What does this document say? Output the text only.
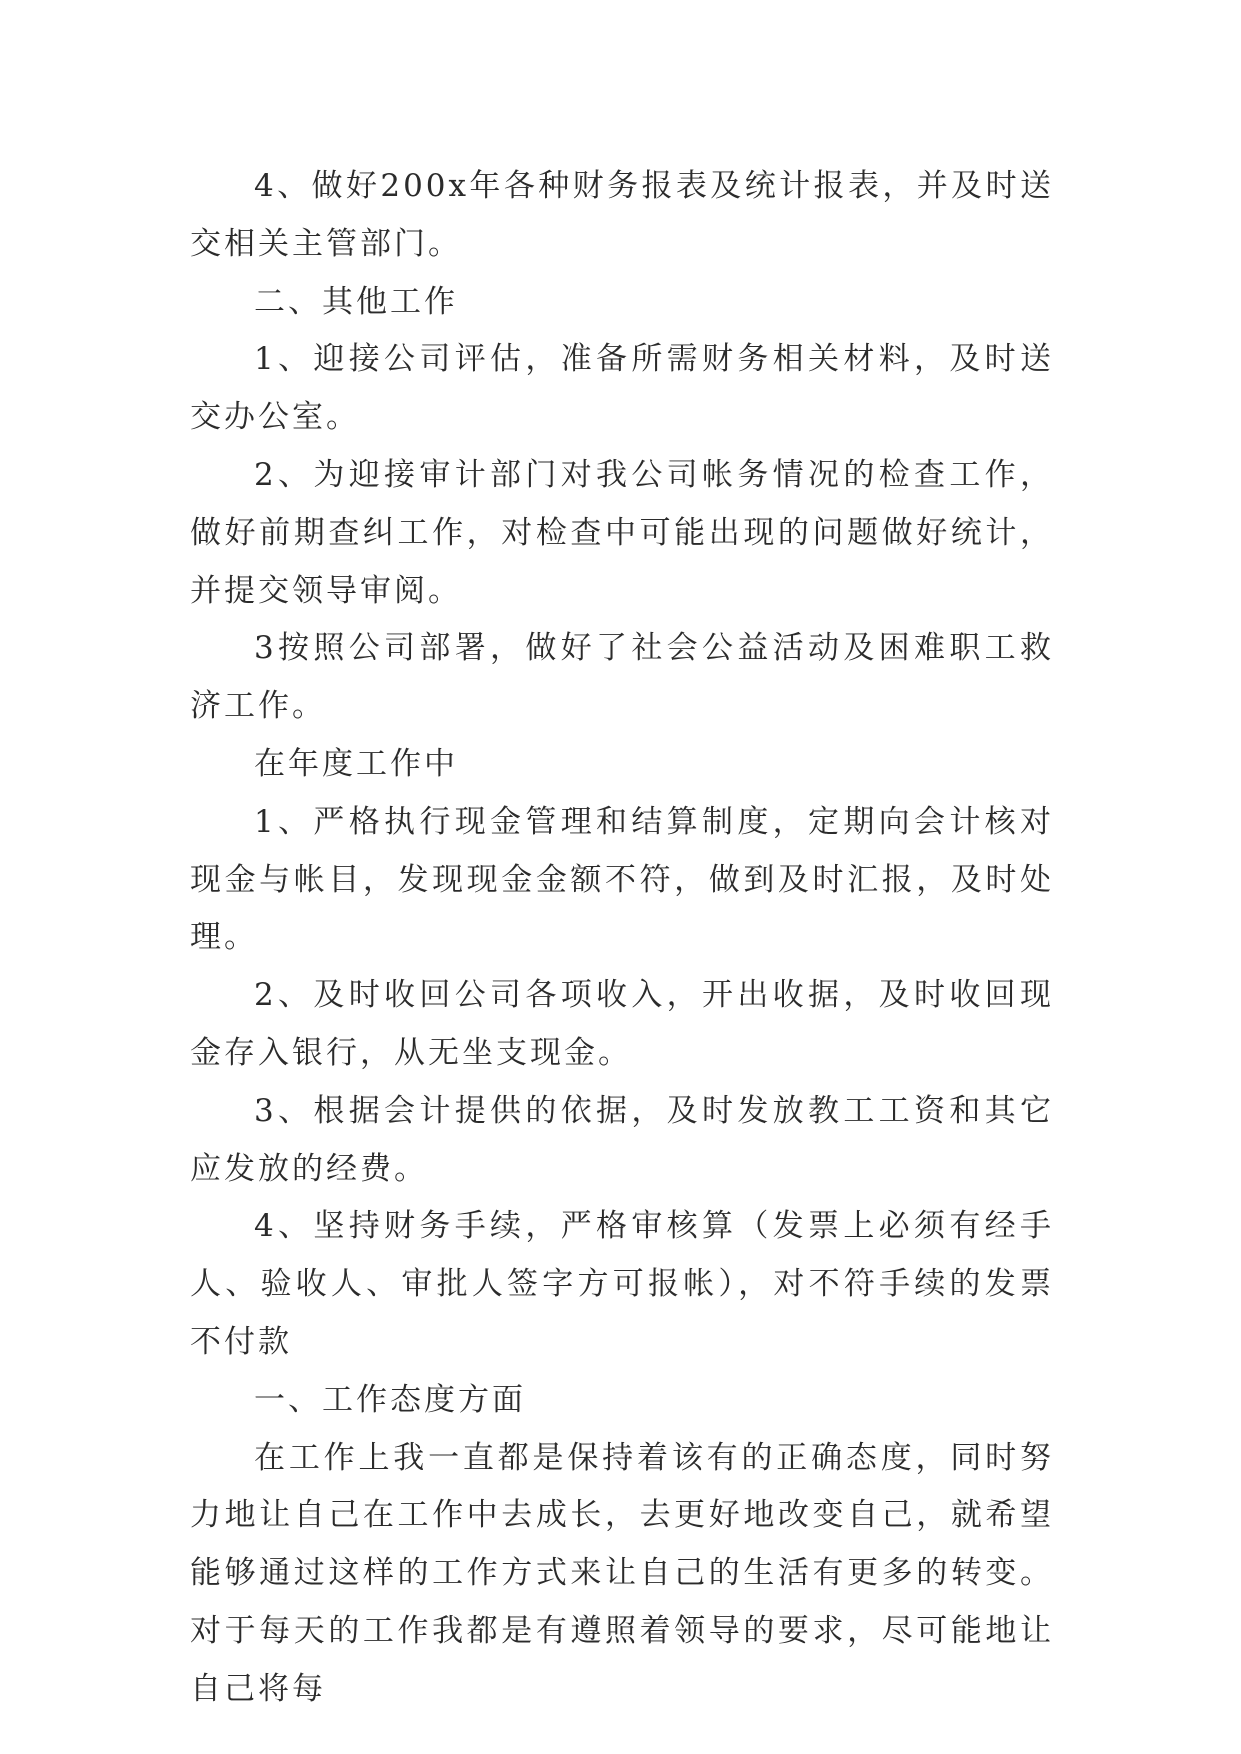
4、做好200x年各种财务报表及统计报表，并及时送交相关主管部门。

二、其他工作

1、迎接公司评估，准备所需财务相关材料，及时送交办公室。

2、为迎接审计部门对我公司帐务情况的检查工作，做好前期查纠工作，对检查中可能出现的问题做好统计，并提交领导审阅。

3按照公司部署，做好了社会公益活动及困难职工救济工作。

在年度工作中

1、严格执行现金管理和结算制度，定期向会计核对现金与帐目，发现现金金额不符，做到及时汇报，及时处理。

2、及时收回公司各项收入，开出收据，及时收回现金存入银行，从无坐支现金。

3、根据会计提供的依据，及时发放教工工资和其它应发放的经费。

4、坚持财务手续，严格审核算（发票上必须有经手人、验收人、审批人签字方可报帐），对不符手续的发票不付款

一、工作态度方面

在工作上我一直都是保持着该有的正确态度，同时努力地让自己在工作中去成长，去更好地改变自己，就希望能够通过这样的工作方式来让自己的生活有更多的转变。对于每天的工作我都是有遵照着领导的要求，尽可能地让自己将每
